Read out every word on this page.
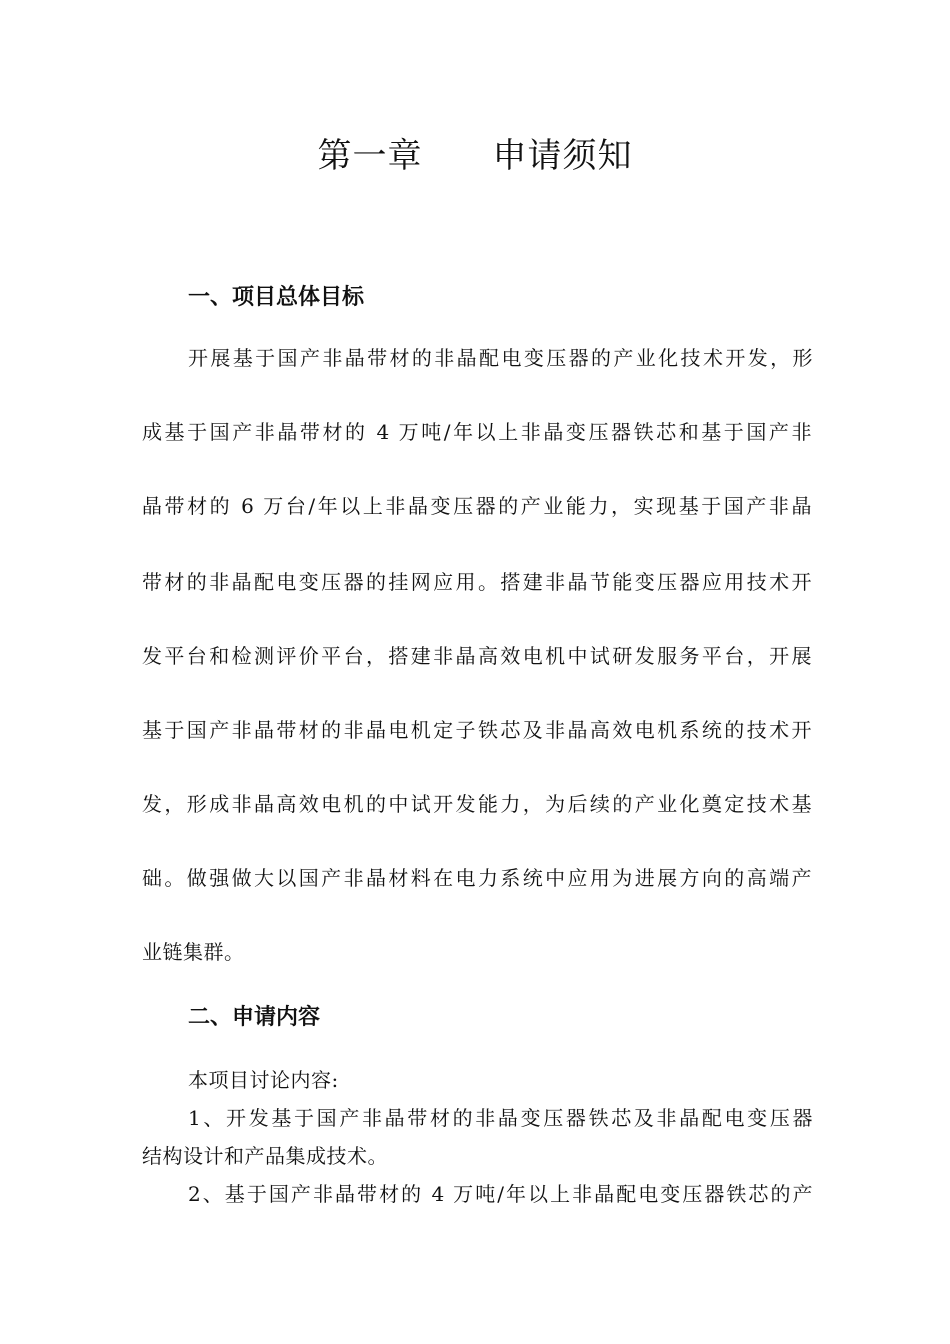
第一章　　申请须知
一、项目总体目标
开展基于国产非晶带材的非晶配电变压器的产业化技术开发，形
成基于国产非晶带材的 4 万吨/年以上非晶变压器铁芯和基于国产非
晶带材的 6 万台/年以上非晶变压器的产业能力，实现基于国产非晶
带材的非晶配电变压器的挂网应用。搭建非晶节能变压器应用技术开
发平台和检测评价平台，搭建非晶高效电机中试研发服务平台，开展
基于国产非晶带材的非晶电机定子铁芯及非晶高效电机系统的技术开
发，形成非晶高效电机的中试开发能力，为后续的产业化奠定技术基
础。做强做大以国产非晶材料在电力系统中应用为进展方向的高端产
业链集群。
二、申请内容
本项目讨论内容:
1、开发基于国产非晶带材的非晶变压器铁芯及非晶配电变压器
结构设计和产品集成技术。
2、基于国产非晶带材的 4 万吨/年以上非晶配电变压器铁芯的产
